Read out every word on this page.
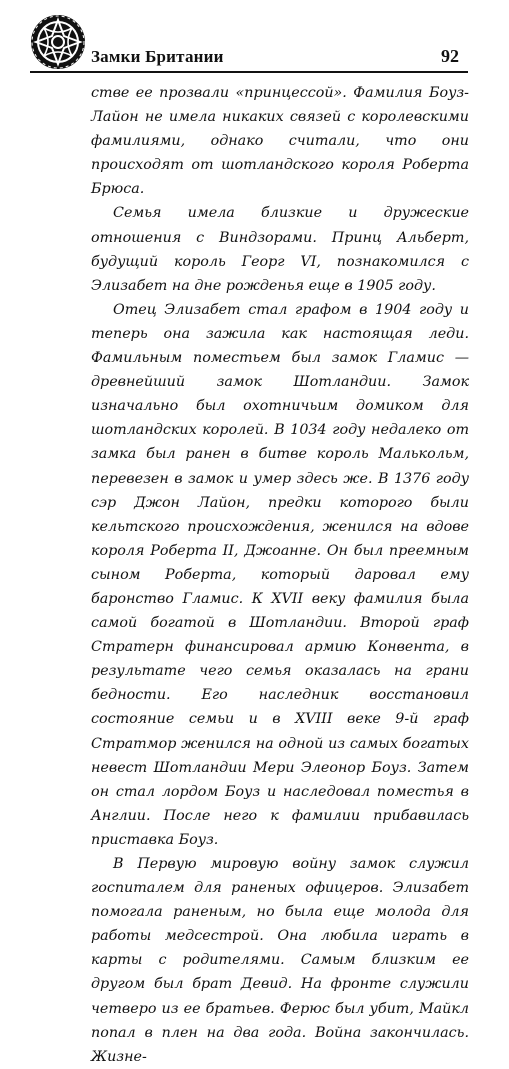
Замки Британии	92

стве ее прозвали «принцессой». Фамилия Боуз-Лайон не имела никаких связей с королевскими фамилиями, однако считали, что они происходят от шотландского короля Роберта Брюса.

Семья имела близкие и дружеские отношения с Виндзорами. Принц Альберт, будущий король Георг VI, познакомился с Элизабет на дне рожденья еще в 1905 году.

Отец Элизабет стал графом в 1904 году и теперь она зажила как настоящая леди. Фамильным поместьем был замок Гламис — древнейший замок Шотландии. Замок изначально был охотничьим домиком для шотландских королей. В 1034 году недалеко от замка был ранен в битве король Малькольм, перевезен в замок и умер здесь же. В 1376 году сэр Джон Лайон, предки которого были кельтского происхождения, женился на вдове короля Роберта II, Джоанне. Он был преемным сыном Роберта, который даровал ему баронство Гламис. К XVII веку фамилия была самой богатой в Шотландии. Второй граф Стратерн финансировал армию Конвента, в результате чего семья оказалась на грани бедности. Его наследник восстановил состояние семьи и в XVIII веке 9-й граф Стратмор женился на одной из самых богатых невест Шотландии Мери Элеонор Боуз. Затем он стал лордом Боуз и наследовал поместья в Англии. После него к фамилии прибавилась приставка Боуз.

В Первую мировую войну замок служил госпиталем для раненых офицеров. Элизабет помогала раненым, но была еще молода для работы медсестрой. Она любила играть в карты с родителями. Самым близким ее другом был брат Девид. На фронте служили четверо из ее братьев. Ферюс был убит, Майкл попал в плен на два года. Война закончилась. Жизне-
